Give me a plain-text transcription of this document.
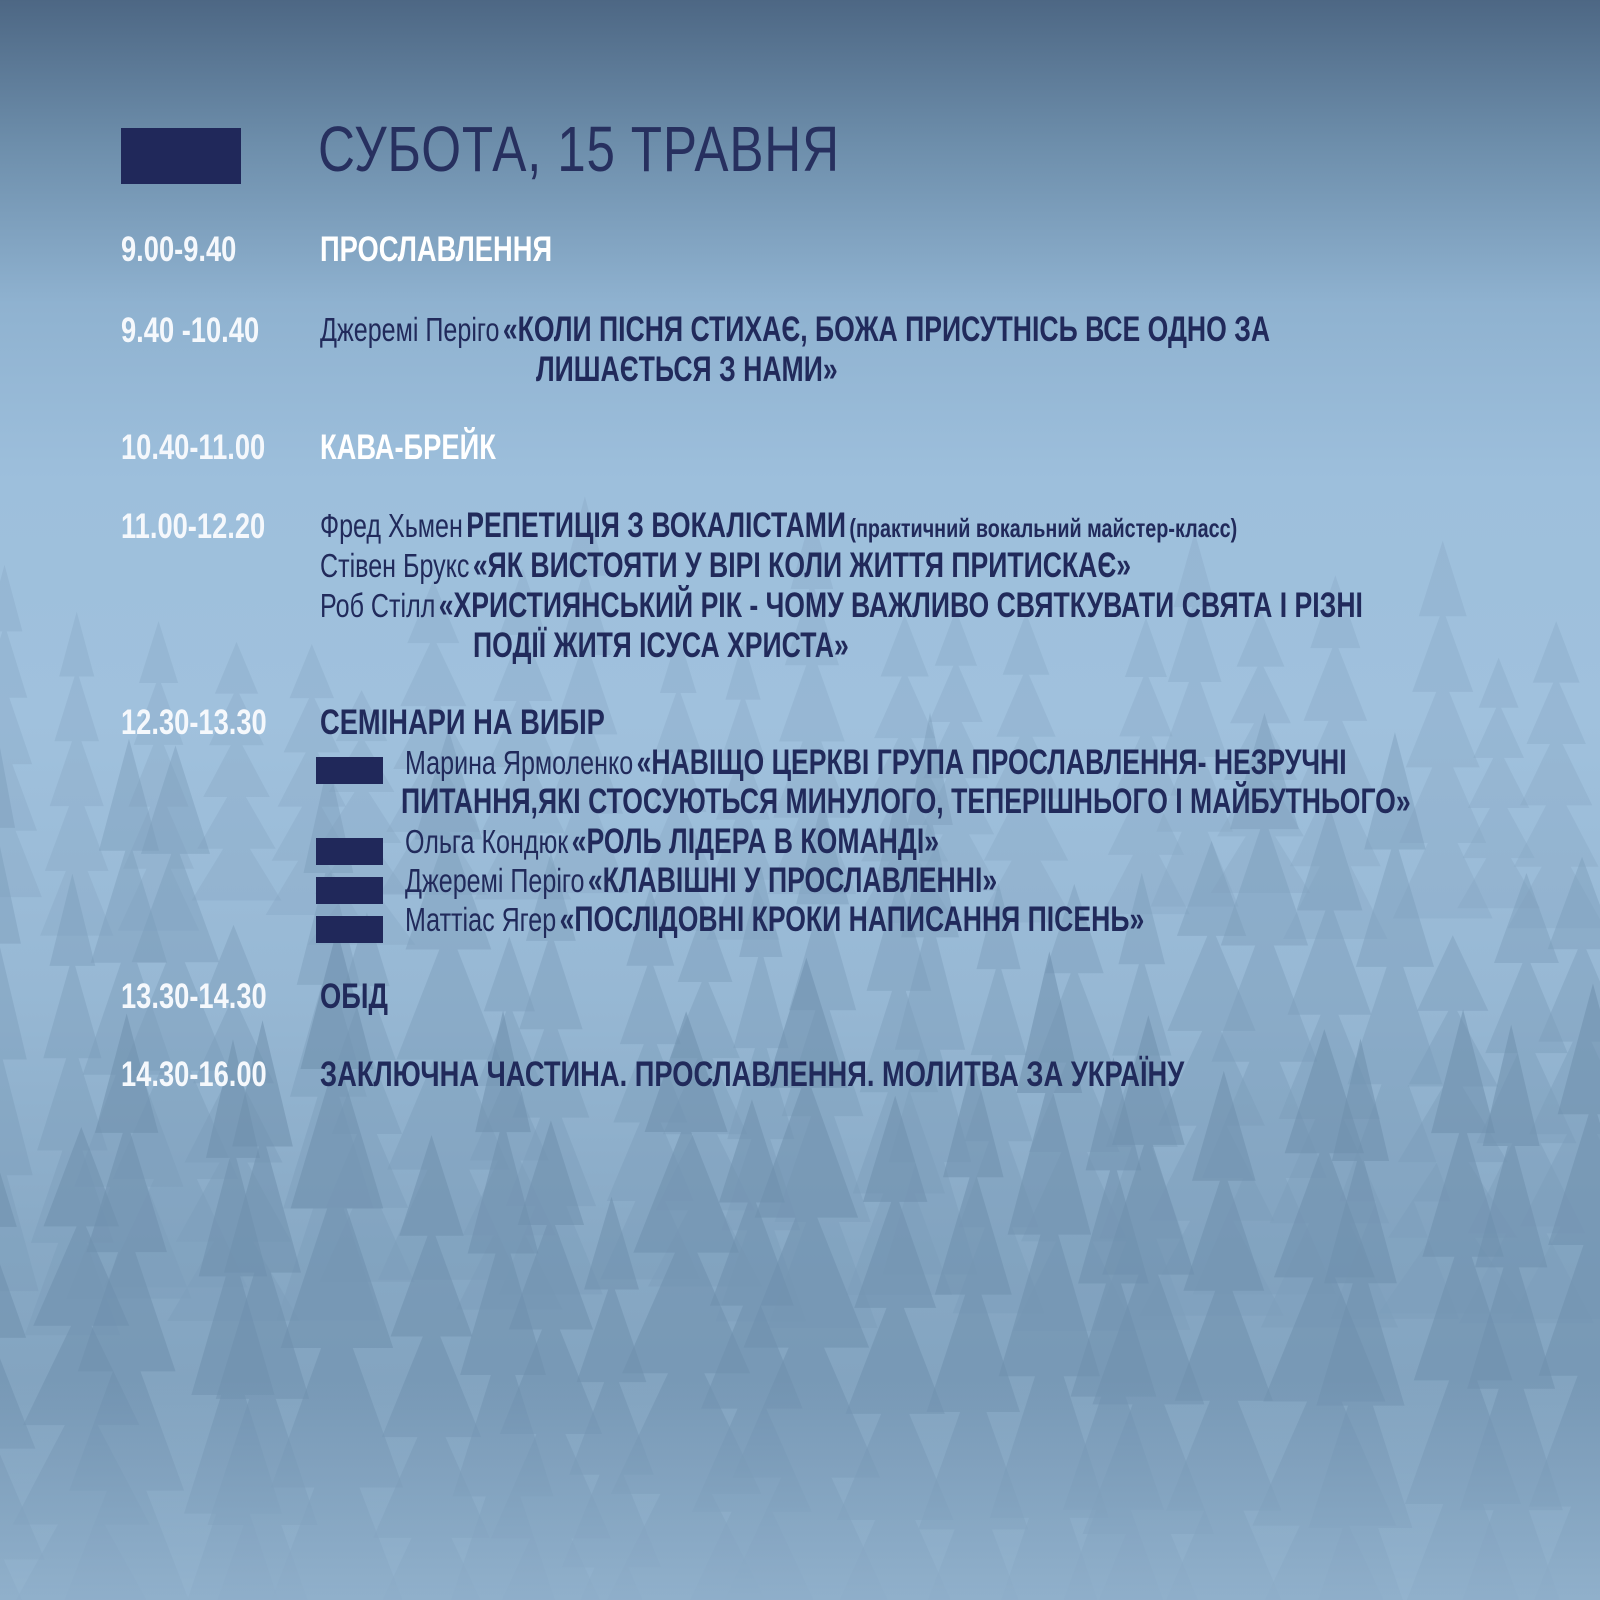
СУБОТА, 15 ТРАВНЯ
9.00-9.40 ПРОСЛАВЛЕННЯ
9.40 -10.40 Джеремі Періго «КОЛИ ПІСНЯ СТИХАЄ, БОЖА ПРИСУТНІСЬ ВСЕ ОДНО ЗА
ЛИШАЄТЬСЯ З НАМИ»
10.40-11.00 КАВА-БРЕЙК
11.00-12.20 Фред Хьмен РЕПЕТИЦІЯ З ВОКАЛІСТАМИ (практичний вокальний майстер-класс)
Стівен Брукс «ЯК ВИСТОЯТИ У ВІРІ КОЛИ ЖИТТЯ ПРИТИСКАЄ»
Роб Стілл «ХРИСТИЯНСЬКИЙ РІК - ЧОМУ ВАЖЛИВО СВЯТКУВАТИ СВЯТА І РІЗНІ
ПОДІЇ ЖИТЯ ІСУСА ХРИСТА»
12.30-13.30 СЕМІНАРИ НА ВИБІР
Марина Ярмоленко «НАВІЩО ЦЕРКВІ ГРУПА ПРОСЛАВЛЕННЯ- НЕЗРУЧНІ
ПИТАННЯ,ЯКІ СТОСУЮТЬСЯ МИНУЛОГО, ТЕПЕРІШНЬОГО І МАЙБУТНЬОГО»
Ольга Кондюк «РОЛЬ ЛІДЕРА В КОМАНДІ»
Джеремі Періго «КЛАВІШНІ У ПРОСЛАВЛЕННІ»
Маттіас Ягер «ПОСЛІДОВНІ КРОКИ НАПИСАННЯ ПІСЕНЬ»
13.30-14.30 ОБІД
14.30-16.00 ЗАКЛЮЧНА ЧАСТИНА. ПРОСЛАВЛЕННЯ. МОЛИТВА ЗА УКРАЇНУ
